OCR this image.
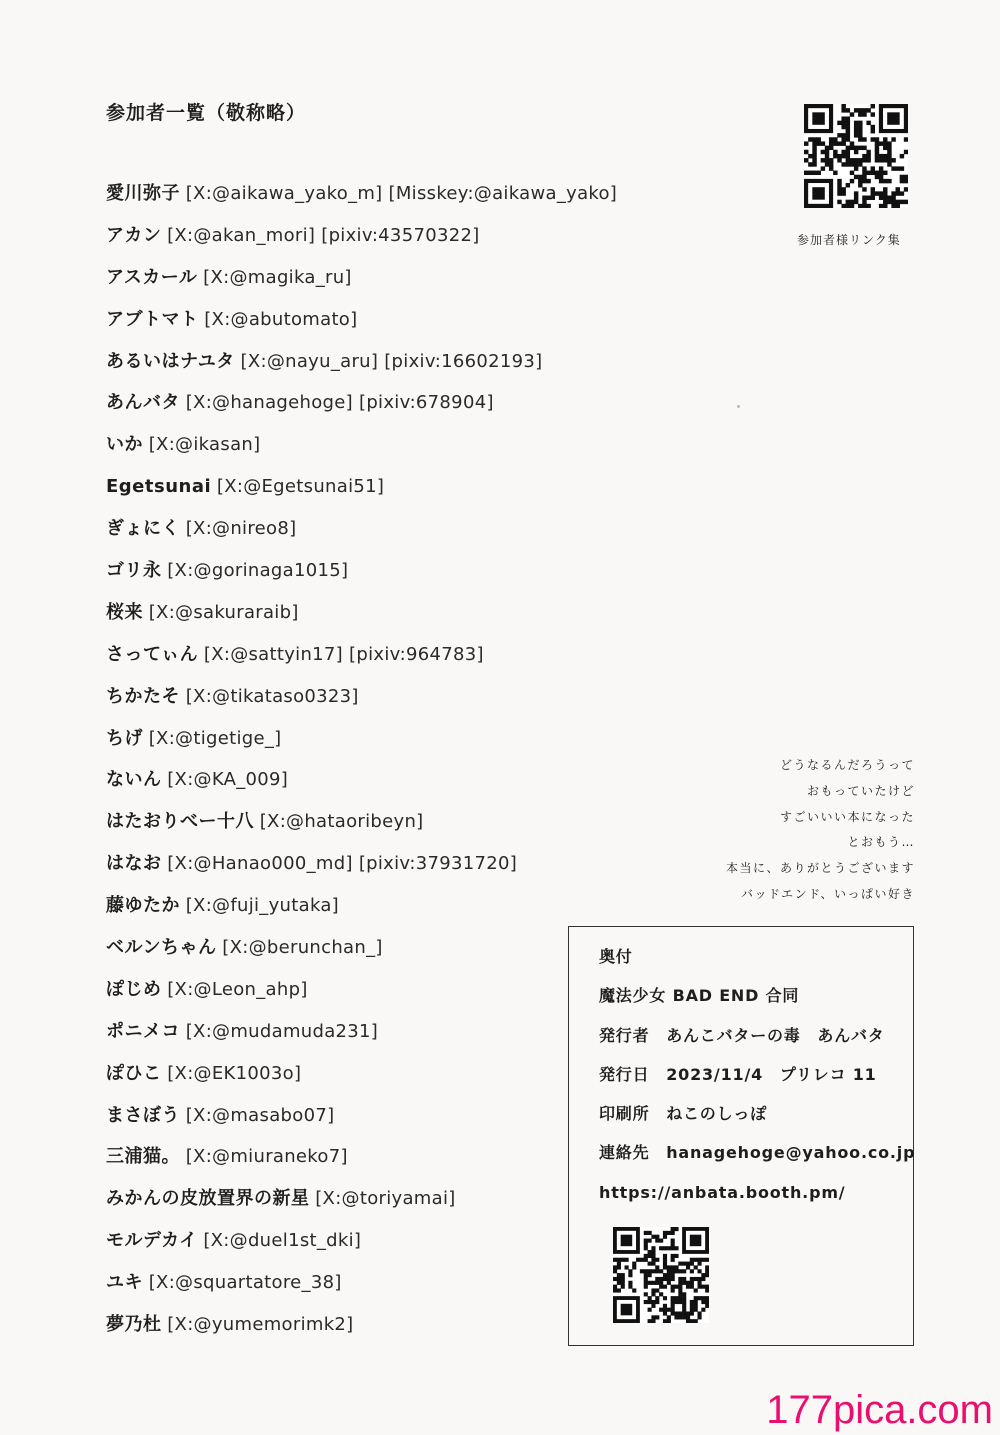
参加者一覧（敬称略）
愛川弥子 [X:@aikawa_yako_m] [Misskey:@aikawa_yako]
アカン [X:@akan_mori] [pixiv:43570322]
アスカール [X:@magika_ru]
アブトマト [X:@abutomato]
あるいはナユタ [X:@nayu_aru] [pixiv:16602193]
あんバタ [X:@hanagehoge] [pixiv:678904]
いか [X:@ikasan]
Egetsunai [X:@Egetsunai51]
ぎょにく [X:@nireo8]
ゴリ永 [X:@gorinaga1015]
桜来 [X:@sakuraraib]
さってぃん [X:@sattyin17] [pixiv:964783]
ちかたそ [X:@tikataso0323]
ちげ [X:@tigetige_]
ないん [X:@KA_009]
はたおりべー十八 [X:@hataoribeyn]
はなお [X:@Hanao000_md] [pixiv:37931720]
藤ゆたか [X:@fuji_yutaka]
ベルンちゃん [X:@berunchan_]
ぽじめ [X:@Leon_ahp]
ポニメコ [X:@mudamuda231]
ぽひこ [X:@EK1003o]
まさぼう [X:@masabo07]
三浦猫。 [X:@miuraneko7]
みかんの皮放置界の新星 [X:@toriyamai]
モルデカイ [X:@duel1st_dki]
ユキ [X:@squartatore_38]
夢乃杜 [X:@yumemorimk2]
参加者様リンク集
どうなるんだろうって
おもっていたけど
すごいいい本になった
とおもう…
本当に、ありがとうございます
バッドエンド、いっぱい好き
奥付
魔法少女 BAD END 合同
発行者　あんこバターの毒　あんバタ
発行日　2023/11/4　プリレコ 11
印刷所　ねこのしっぽ
連絡先　hanagehoge@yahoo.co.jp
https://anbata.booth.pm/
177pica.com
